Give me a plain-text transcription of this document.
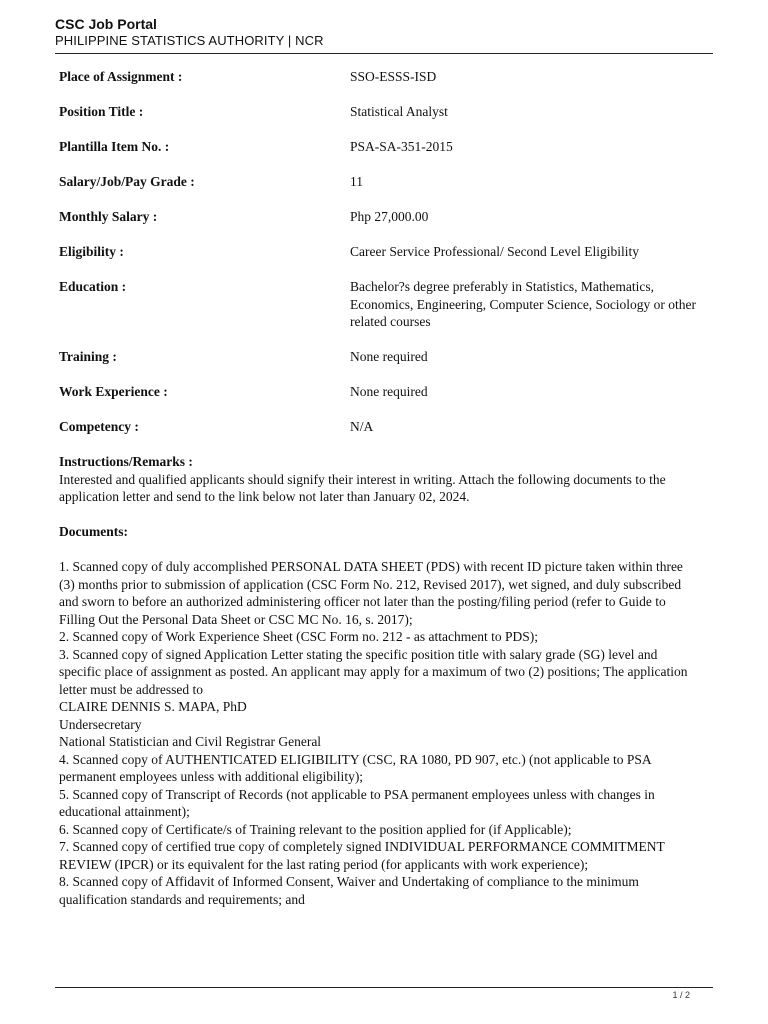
CSC Job Portal
PHILIPPINE STATISTICS AUTHORITY | NCR
Place of Assignment :	SSO-ESSS-ISD
Position Title :	Statistical Analyst
Plantilla Item No. :	PSA-SA-351-2015
Salary/Job/Pay Grade :	11
Monthly Salary :	Php 27,000.00
Eligibility :	Career Service Professional/ Second Level Eligibility
Education :	Bachelor?s degree preferably in Statistics, Mathematics, Economics, Engineering, Computer Science, Sociology or other related courses
Training :	None required
Work Experience :	None required
Competency :	N/A
Instructions/Remarks :
Interested and qualified applicants should signify their interest in writing. Attach the following documents to the application letter and send to the link below not later than January 02, 2024.
Documents:
1. Scanned copy of duly accomplished PERSONAL DATA SHEET (PDS) with recent ID picture taken within three (3) months prior to submission of application (CSC Form No. 212, Revised 2017), wet signed, and duly subscribed and sworn to before an authorized administering officer not later than the posting/filing period (refer to Guide to Filling Out the Personal Data Sheet or CSC MC No. 16, s. 2017);
2. Scanned copy of Work Experience Sheet (CSC Form no. 212 - as attachment to PDS);
3. Scanned copy of signed Application Letter stating the specific position title with salary grade (SG) level and specific place of assignment as posted. An applicant may apply for a maximum of two (2) positions; The application letter must be addressed to
CLAIRE DENNIS S. MAPA, PhD
Undersecretary
National Statistician and Civil Registrar General
4. Scanned copy of AUTHENTICATED ELIGIBILITY (CSC, RA 1080, PD 907, etc.) (not applicable to PSA permanent employees unless with additional eligibility);
5. Scanned copy of Transcript of Records (not applicable to PSA permanent employees unless with changes in educational attainment);
6. Scanned copy of Certificate/s of Training relevant to the position applied for (if Applicable);
7. Scanned copy of certified true copy of completely signed INDIVIDUAL PERFORMANCE COMMITMENT REVIEW (IPCR) or its equivalent for the last rating period (for applicants with work experience);
8. Scanned copy of Affidavit of Informed Consent, Waiver and Undertaking of compliance to the minimum qualification standards and requirements; and
1 / 2
